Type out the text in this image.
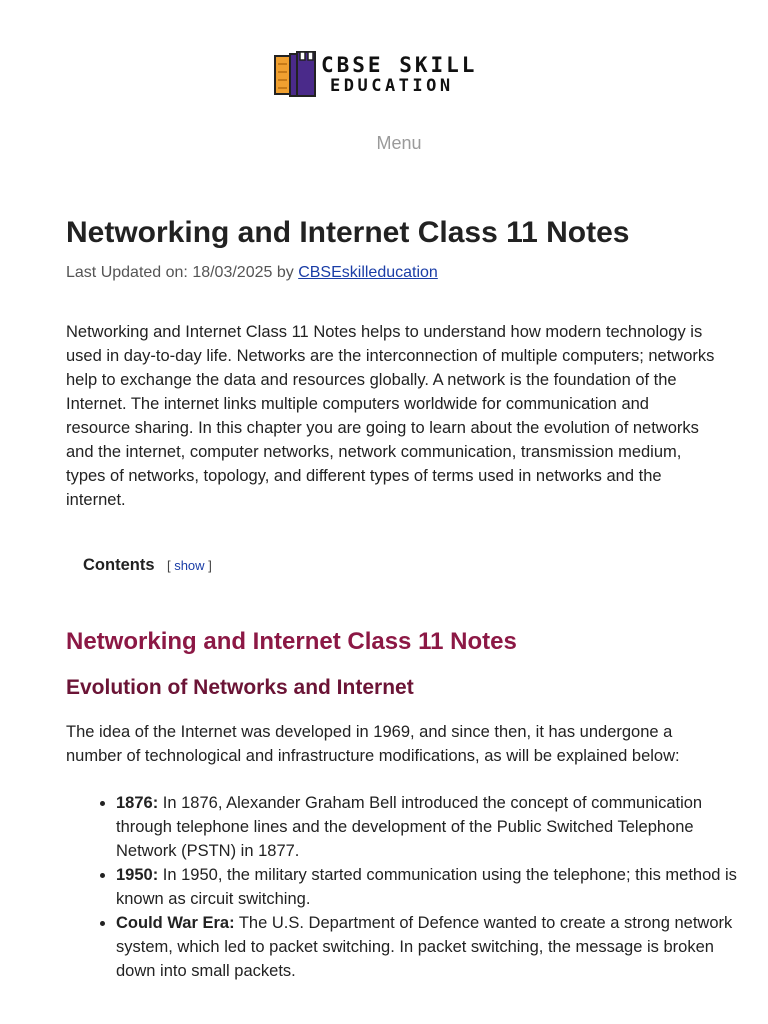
CBSE SKILL
EDUCATION
Menu
Networking and Internet Class 11 Notes
Last Updated on: 18/03/2025 by CBSEskilleducation

Networking and Internet Class 11 Notes helps to understand how modern technology is used in day-to-day life. Networks are the interconnection of multiple computers; networks help to exchange the data and resources globally. A network is the foundation of the Internet. The internet links multiple computers worldwide for communication and resource sharing. In this chapter you are going to learn about the evolution of networks and the internet, computer networks, network communication, transmission medium, types of networks, topology, and different types of terms used in networks and the internet.

Contents [ show ]
Networking and Internet Class 11 Notes
Evolution of Networks and Internet

The idea of the Internet was developed in 1969, and since then, it has undergone a number of technological and infrastructure modifications, as will be explained below:

• 1876: In 1876, Alexander Graham Bell introduced the concept of communication through telephone lines and the development of the Public Switched Telephone Network (PSTN) in 1877.
• 1950: In 1950, the military started communication using the telephone; this method is known as circuit switching.
• Could War Era: The U.S. Department of Defence wanted to create a strong network system, which led to packet switching. In packet switching, the message is broken down into small packets.
